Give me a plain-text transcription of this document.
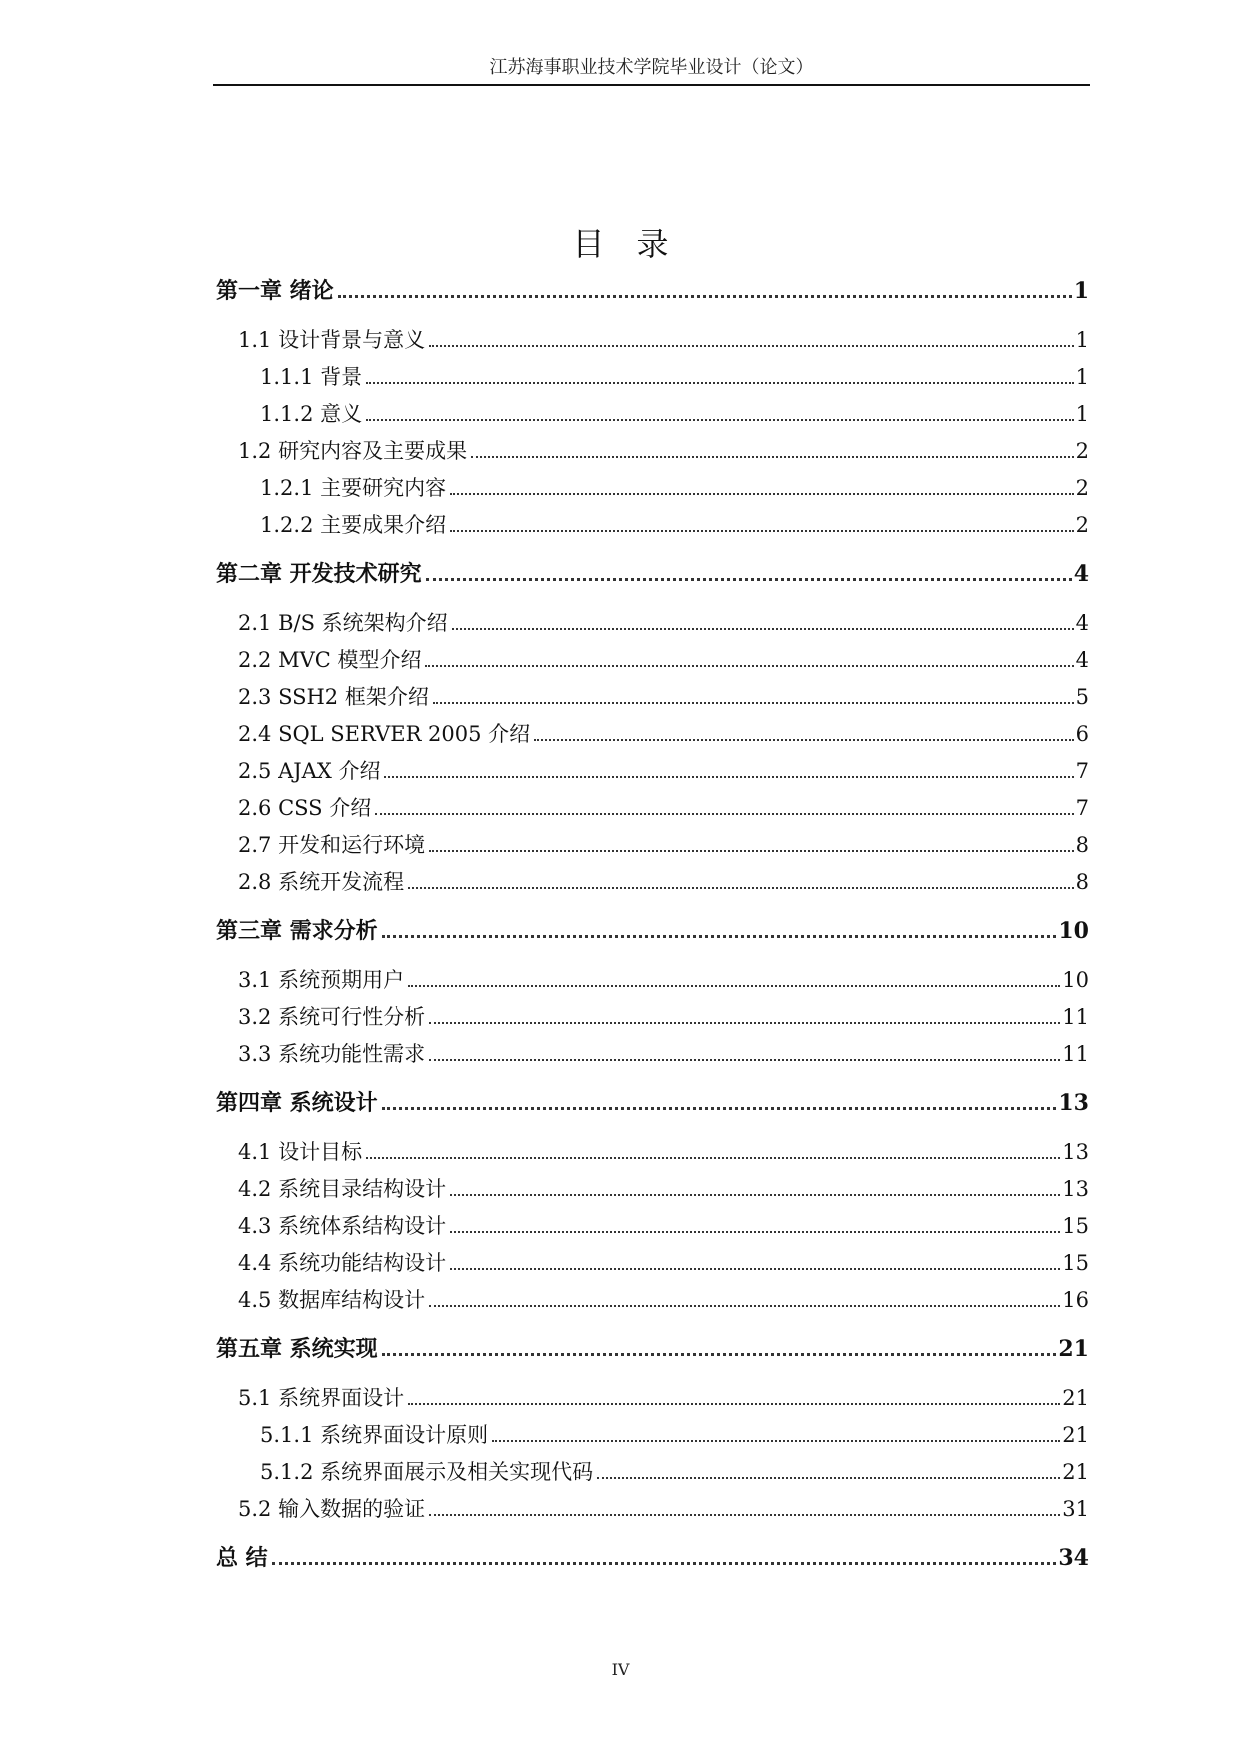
江苏海事职业技术学院毕业设计（论文）
目录
第一章 绪论	1
1.1 设计背景与意义	1
1.1.1 背景	1
1.1.2 意义	1
1.2 研究内容及主要成果	2
1.2.1 主要研究内容	2
1.2.2 主要成果介绍	2
第二章 开发技术研究	4
2.1 B/S 系统架构介绍	4
2.2 MVC 模型介绍	4
2.3 SSH2 框架介绍	5
2.4 SQL SERVER 2005 介绍	6
2.5 AJAX 介绍	7
2.6 CSS 介绍	7
2.7 开发和运行环境	8
2.8 系统开发流程	8
第三章 需求分析	10
3.1 系统预期用户	10
3.2 系统可行性分析	11
3.3 系统功能性需求	11
第四章 系统设计	13
4.1 设计目标	13
4.2 系统目录结构设计	13
4.3 系统体系结构设计	15
4.4 系统功能结构设计	15
4.5 数据库结构设计	16
第五章 系统实现	21
5.1 系统界面设计	21
5.1.1 系统界面设计原则	21
5.1.2 系统界面展示及相关实现代码	21
5.2 输入数据的验证	31
总 结	34
IV
